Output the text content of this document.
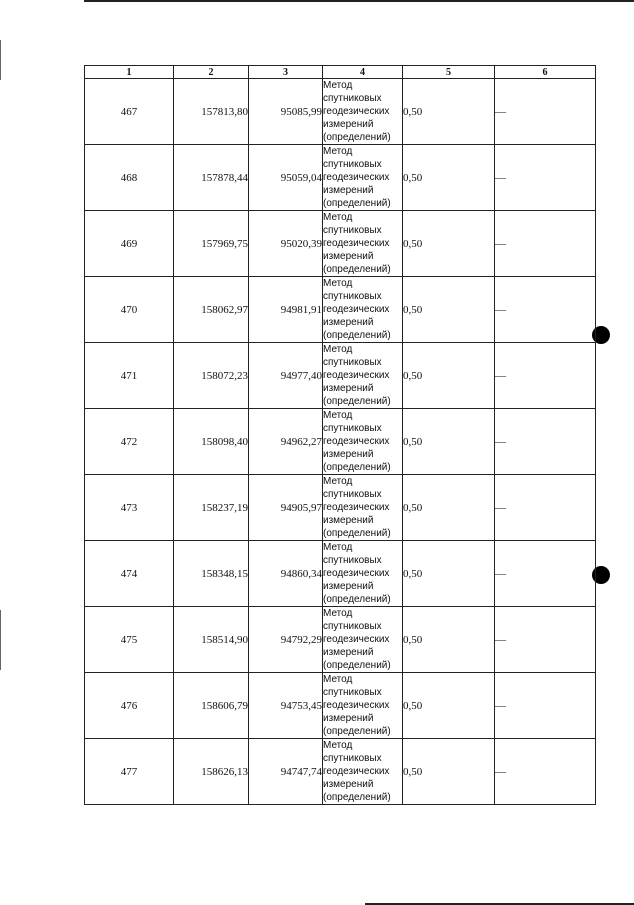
1	2	3	4	5	6
467	157813,80	95085,99	Метод
спутниковых
геодезических
измерений
(определений)	0,50	—
468	157878,44	95059,04	Метод
спутниковых
геодезических
измерений
(определений)	0,50	—
469	157969,75	95020,39	Метод
спутниковых
геодезических
измерений
(определений)	0,50	—
470	158062,97	94981,91	Метод
спутниковых
геодезических
измерений
(определений)	0,50	—
471	158072,23	94977,40	Метод
спутниковых
геодезических
измерений
(определений)	0,50	—
472	158098,40	94962,27	Метод
спутниковых
геодезических
измерений
(определений)	0,50	—
473	158237,19	94905,97	Метод
спутниковых
геодезических
измерений
(определений)	0,50	—
474	158348,15	94860,34	Метод
спутниковых
геодезических
измерений
(определений)	0,50	—
475	158514,90	94792,29	Метод
спутниковых
геодезических
измерений
(определений)	0,50	—
476	158606,79	94753,45	Метод
спутниковых
геодезических
измерений
(определений)	0,50	—
477	158626,13	94747,74	Метод
спутниковых
геодезических
измерений
(определений)	0,50	—
